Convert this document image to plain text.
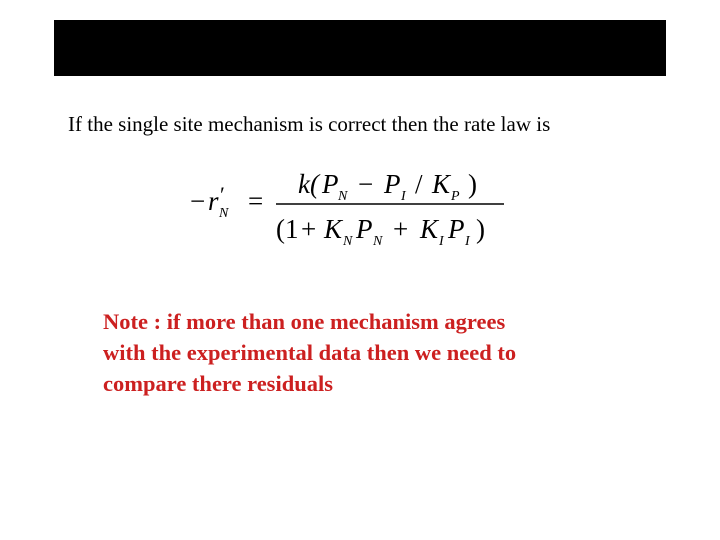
If the single site mechanism is correct then the rate law is
− r ′
N =
k( P N − P I / K P )
(1 + K N P N + K I P I )
Note : if more than one mechanism agrees
with the experimental data then we need to
compare there residuals
